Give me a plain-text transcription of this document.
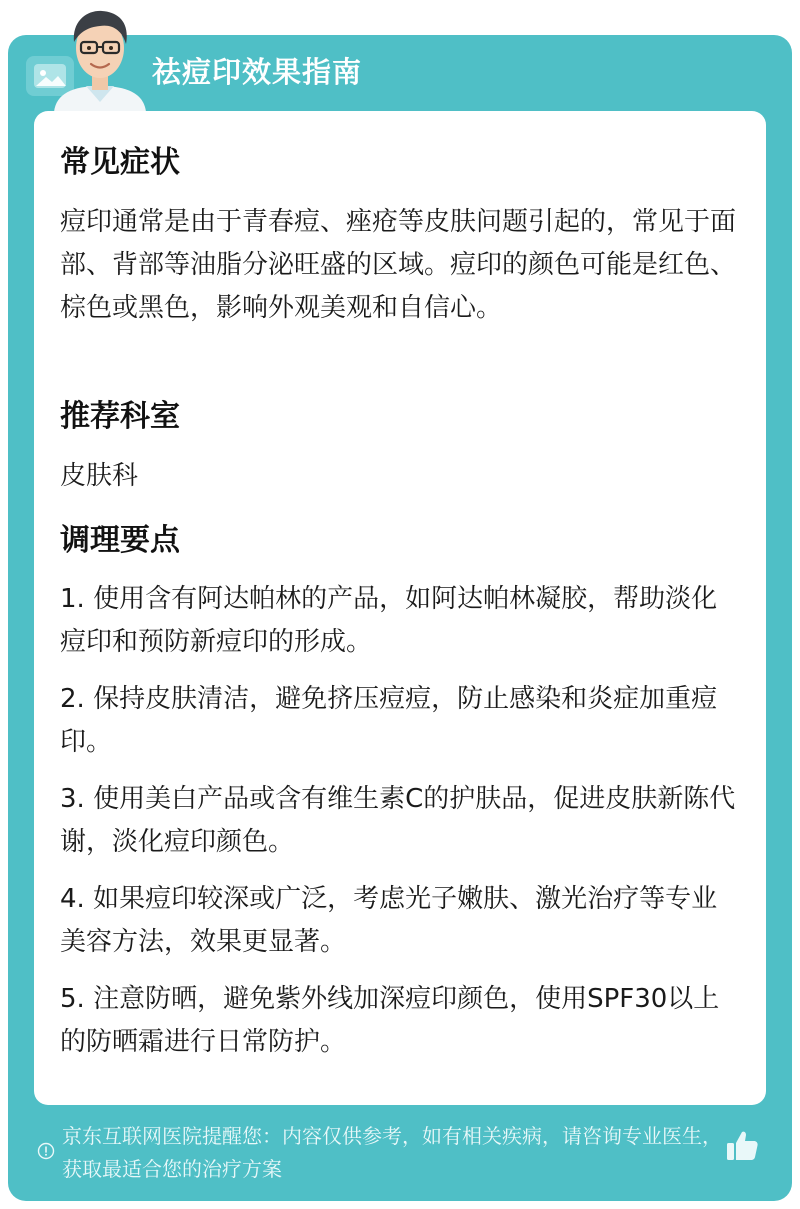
祛痘印效果指南
常见症状
痘印通常是由于青春痘、痤疮等皮肤问题引起的，常见于面部、背部等油脂分泌旺盛的区域。痘印的颜色可能是红色、棕色或黑色，影响外观美观和自信心。
推荐科室
皮肤科
调理要点
1. 使用含有阿达帕林的产品，如阿达帕林凝胶，帮助淡化痘印和预防新痘印的形成。
2. 保持皮肤清洁，避免挤压痘痘，防止感染和炎症加重痘印。
3. 使用美白产品或含有维生素C的护肤品，促进皮肤新陈代谢，淡化痘印颜色。
4. 如果痘印较深或广泛，考虑光子嫩肤、激光治疗等专业美容方法，效果更显著。
5. 注意防晒，避免紫外线加深痘印颜色，使用SPF30以上的防晒霜进行日常防护。
京东互联网医院提醒您：内容仅供参考，如有相关疾病，请咨询专业医生，获取最适合您的治疗方案
